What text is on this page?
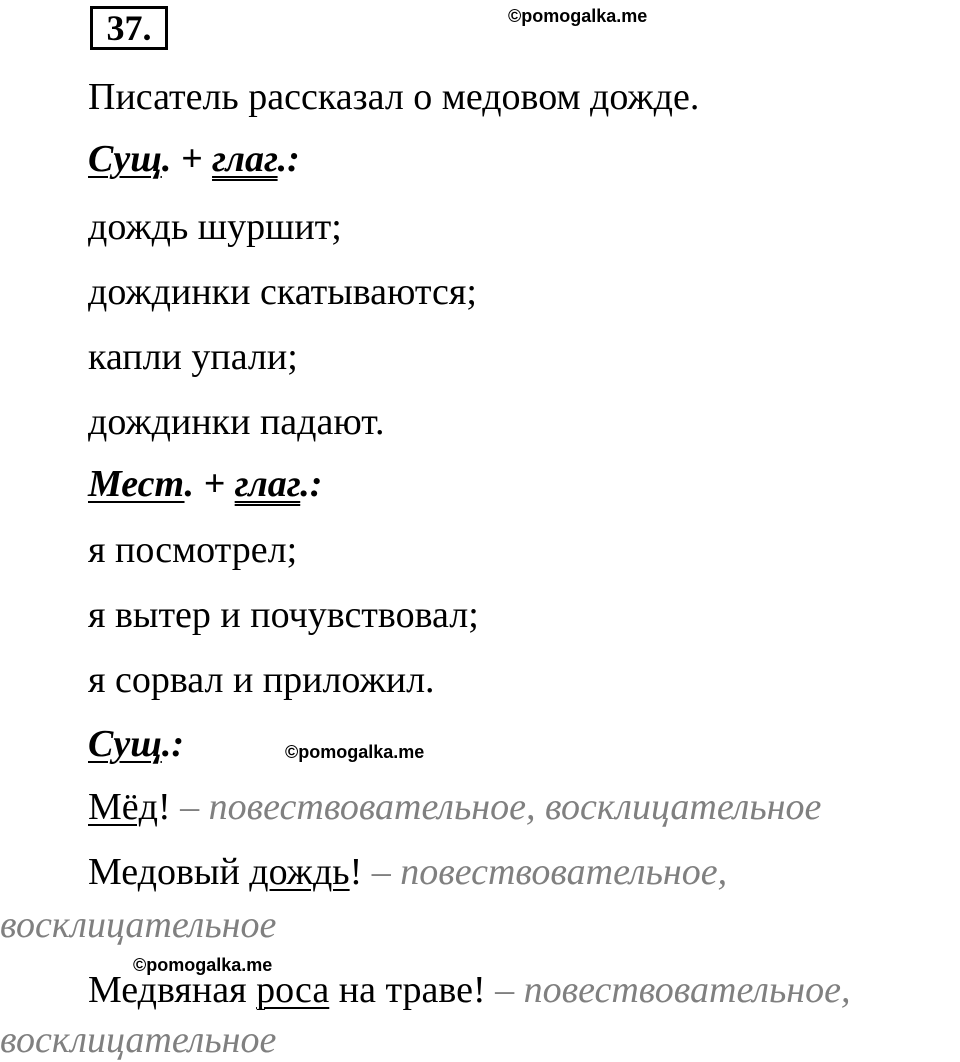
37.	©pomogalka.me
Писатель рассказал о медовом дожде.
Сущ. + глаг.:
дождь шуршит;
дождинки скатываются;
капли упали;
дождинки падают.
Мест. + глаг.:
я посмотрел;
я вытер и почувствовал;
я сорвал и приложил.
Сущ.:	©pomogalka.me
Мёд! – повествовательное, восклицательное
Медовый дождь! – повествовательное,
восклицательное
©pomogalka.me
Медвяная роса на траве! – повествовательное,
восклицательное
